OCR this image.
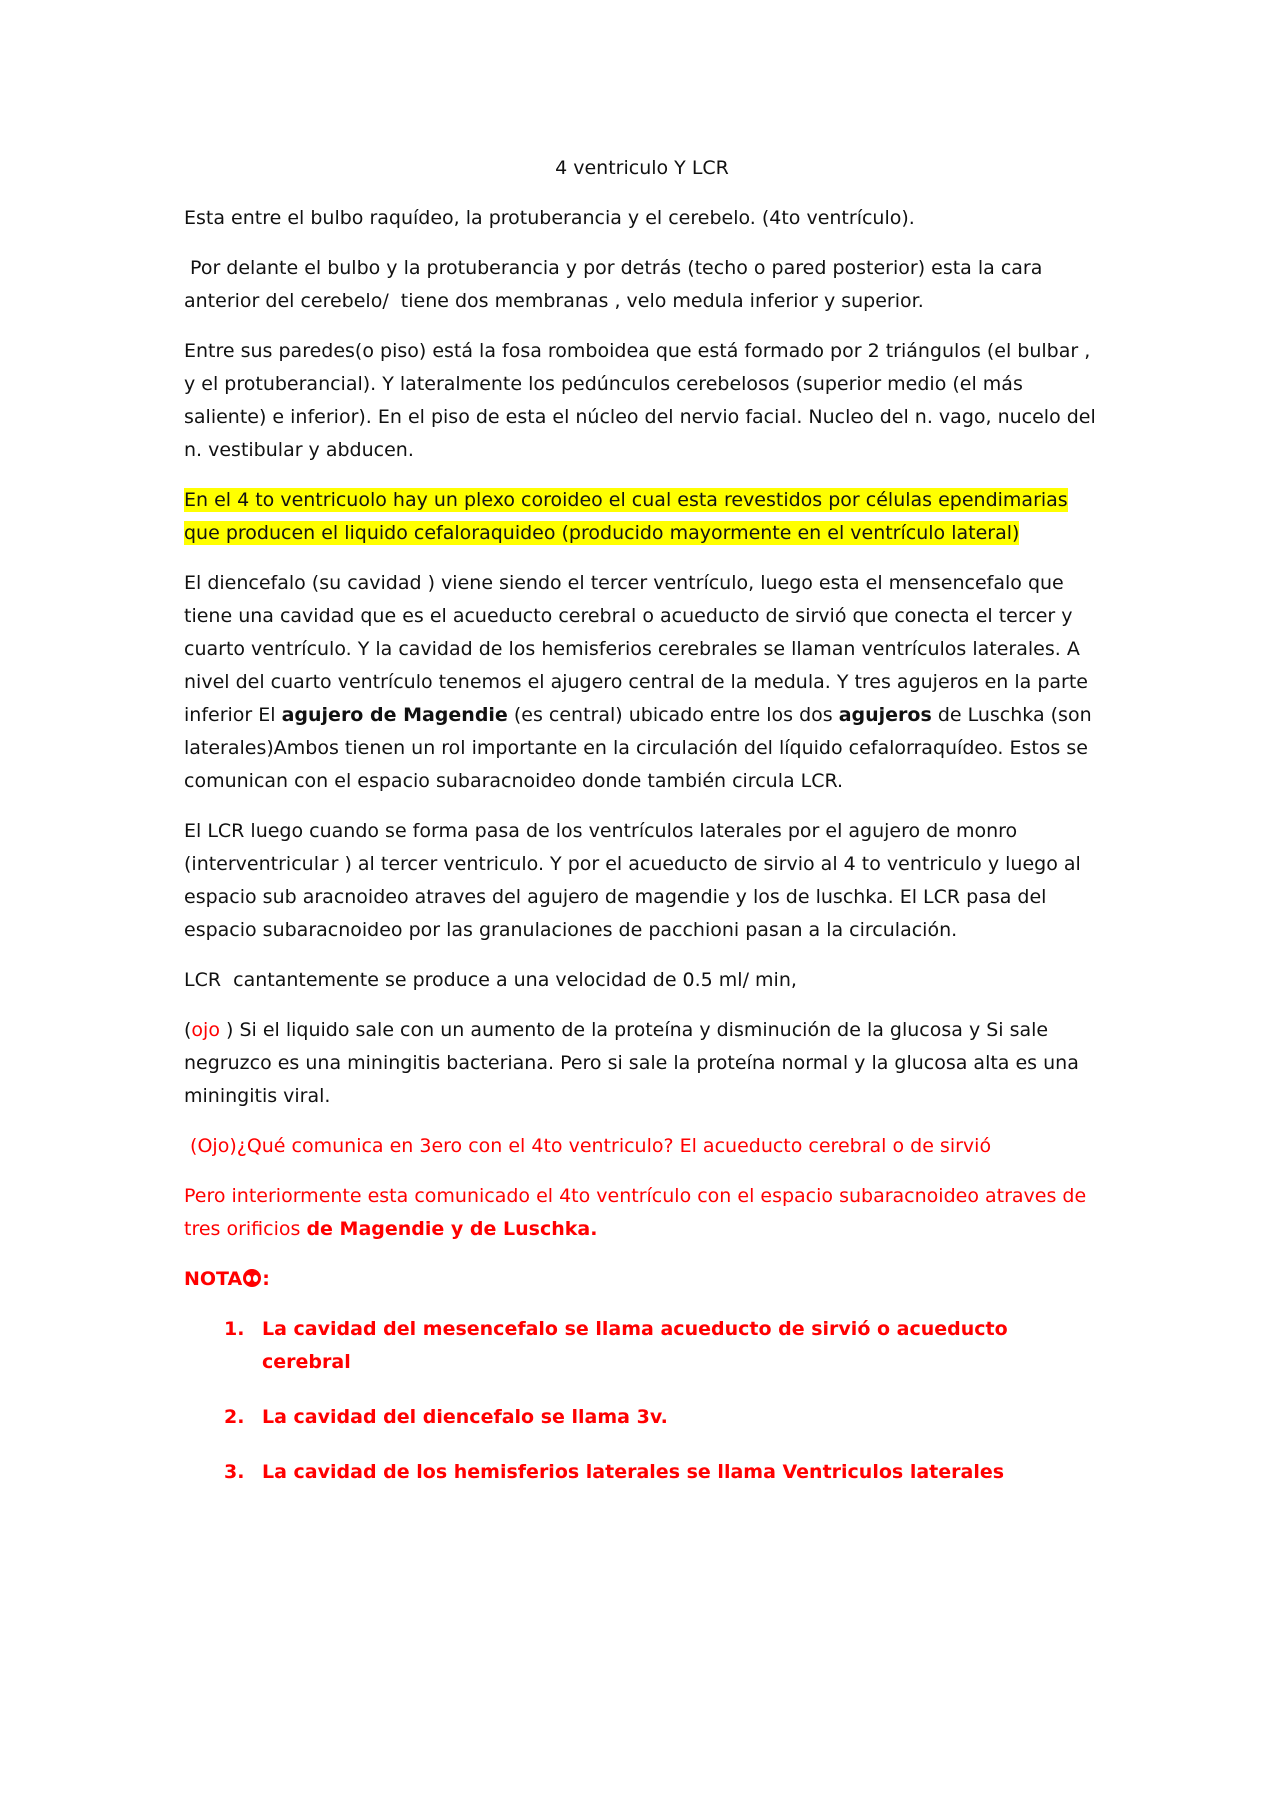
4 ventriculo Y LCR

Esta entre el bulbo raquídeo, la protuberancia y el cerebelo. (4to ventrículo).

Por delante el bulbo y la protuberancia y por detrás (techo o pared posterior) esta la cara anterior del cerebelo/  tiene dos membranas , velo medula inferior y superior.

Entre sus paredes(o piso) está la fosa romboidea que está formado por 2 triángulos (el bulbar , y el protuberancial). Y lateralmente los pedúnculos cerebelosos (superior medio (el más saliente) e inferior). En el piso de esta el núcleo del nervio facial. Nucleo del n. vago, nucelo del n. vestibular y abducen.

En el 4 to ventricuolo hay un plexo coroideo el cual esta revestidos por células ependimarias que producen el liquido cefaloraquideo (producido mayormente en el ventrículo lateral)

El diencefalo (su cavidad ) viene siendo el tercer ventrículo, luego esta el mensencefalo que tiene una cavidad que es el acueducto cerebral o acueducto de sirvió que conecta el tercer y cuarto ventrículo. Y la cavidad de los hemisferios cerebrales se llaman ventrículos laterales. A nivel del cuarto ventrículo tenemos el ajugero central de la medula. Y tres agujeros en la parte inferior El agujero de Magendie (es central) ubicado entre los dos agujeros de Luschka (son laterales)Ambos tienen un rol importante en la circulación del líquido cefalorraquídeo. Estos se comunican con el espacio subaracnoideo donde también circula LCR.

El LCR luego cuando se forma pasa de los ventrículos laterales por el agujero de monro (interventricular ) al tercer ventriculo. Y por el acueducto de sirvio al 4 to ventriculo y luego al espacio sub aracnoideo atraves del agujero de magendie y los de luschka. El LCR pasa del espacio subaracnoideo por las granulaciones de pacchioni pasan a la circulación.

LCR  cantantemente se produce a una velocidad de 0.5 ml/ min,

(ojo ) Si el liquido sale con un aumento de la proteína y disminución de la glucosa y Si sale negruzco es una miningitis bacteriana. Pero si sale la proteína normal y la glucosa alta es una miningitis viral.

(Ojo)¿Qué comunica en 3ero con el 4to ventriculo? El acueducto cerebral o de sirvió

Pero interiormente esta comunicado el 4to ventrículo con el espacio subaracnoideo atraves de tres orificios de Magendie y de Luschka.

NOTA :

1. La cavidad del mesencefalo se llama acueducto de sirvió o acueducto cerebral
2. La cavidad del diencefalo se llama 3v.
3. La cavidad de los hemisferios laterales se llama Ventriculos laterales
